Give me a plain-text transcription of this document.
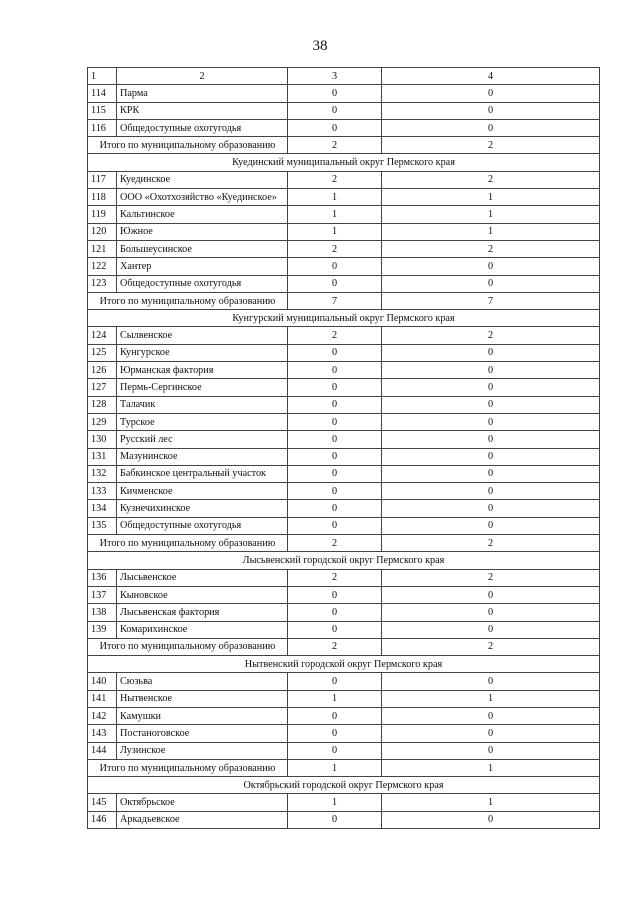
38
1	2	3	4
114	Парма	0	0
115	КРК	0	0
116	Общедоступные охотугодья	0	0
Итого по муниципальному образованию		2	2
Куединский муниципальный округ Пермского края			
117	Куединское	2	2
118	ООО «Охотхозяйство «Куединское»	1	1
119	Кальтинское	1	1
120	Южное	1	1
121	Большеусинское	2	2
122	Хантер	0	0
123	Общедоступные охотугодья	0	0
Итого по муниципальному образованию		7	7
Кунгурский муниципальный округ Пермского края			
124	Сылвенское	2	2
125	Кунгурское	0	0
126	Юрманская фактория	0	0
127	Пермь-Сергинское	0	0
128	Талачик	0	0
129	Турское	0	0
130	Русский лес	0	0
131	Мазунинское	0	0
132	Бабкинское центральный участок	0	0
133	Кичменское	0	0
134	Кузнечихинское	0	0
135	Общедоступные охотугодья	0	0
Итого по муниципальному образованию		2	2
Лысьвенский городской округ Пермского края			
136	Лысьвенское	2	2
137	Кыновское	0	0
138	Лысьвенская фактория	0	0
139	Комарихинское	0	0
Итого по муниципальному образованию		2	2
Нытвенский городской округ Пермского края			
140	Сюзьва	0	0
141	Нытвенское	1	1
142	Камушки	0	0
143	Постаноговское	0	0
144	Лузинское	0	0
Итого по муниципальному образованию		1	1
Октябрьский городской округ Пермского края			
145	Октябрьское	1	1
146	Аркадьевское	0	0
